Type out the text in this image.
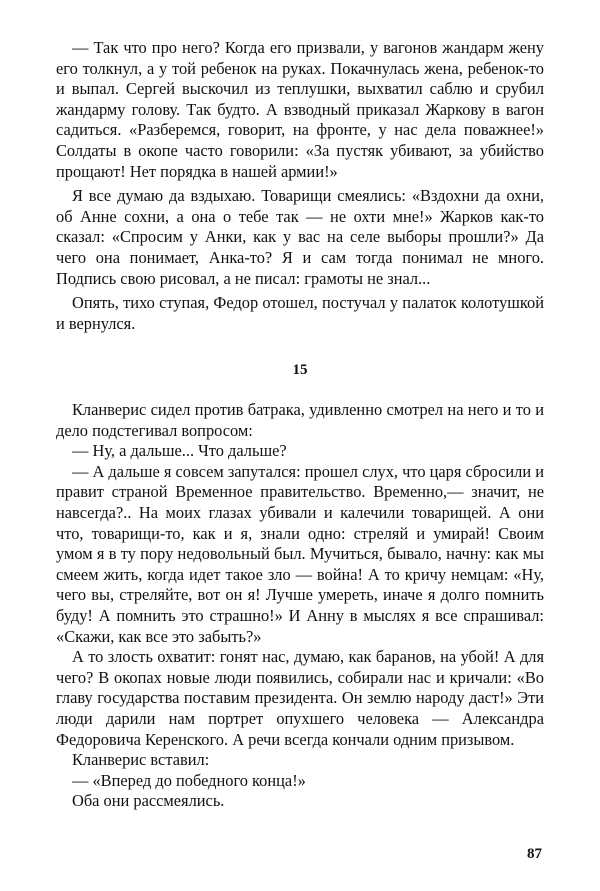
— Так что про него? Когда его призвали, у вагонов жандарм жену его толкнул, а у той ребенок на руках. Покачнулась жена, ребенок-то и выпал. Сергей выскочил из теплушки, выхватил саблю и срубил жандарму голову. Так будто. А взводный приказал Жаркову в вагон садиться. «Разберемся, говорит, на фронте, у нас дела поважнее!» Солдаты в окопе часто говорили: «За пустяк убивают, за убийство прощают! Нет порядка в нашей армии!»

Я все думаю да вздыхаю. Товарищи смеялись: «Вздохни да охни, об Анне сохни, а она о тебе так — не охти мне!» Жарков как-то сказал: «Спросим у Анки, как у вас на селе выборы прошли?» Да чего она понимает, Анка-то? Я и сам тогда понимал не много. Подпись свою рисовал, а не писал: грамоты не знал...

Опять, тихо ступая, Федор отошел, постучал у палаток колотушкой и вернулся.

15

Кланверис сидел против батрака, удивленно смотрел на него и то и дело подстегивал вопросом:

— Ну, а дальше... Что дальше?

— А дальше я совсем запутался: прошел слух, что царя сбросили и правит страной Временное правительство. Временно,— значит, не навсегда?.. На моих глазах убивали и калечили товарищей. А они что, товарищи-то, как и я, знали одно: стреляй и умирай! Своим умом я в ту пору недовольный был. Мучиться, бывало, начну: как мы смеем жить, когда идет такое зло — война! А то кричу немцам: «Ну, чего вы, стреляйте, вот он я! Лучше умереть, иначе я долго помнить буду! А помнить это страшно!» И Анну в мыслях я все спрашивал: «Скажи, как все это забыть?»

А то злость охватит: гонят нас, думаю, как баранов, на убой! А для чего? В окопах новые люди появились, собирали нас и кричали: «Во главу государства поставим президента. Он землю народу даст!» Эти люди дарили нам портрет опухшего человека — Александра Федоровича Керенского. А речи всегда кончали одним призывом.

Кланверис вставил:

— «Вперед до победного конца!»

Оба они рассмеялись.

87
